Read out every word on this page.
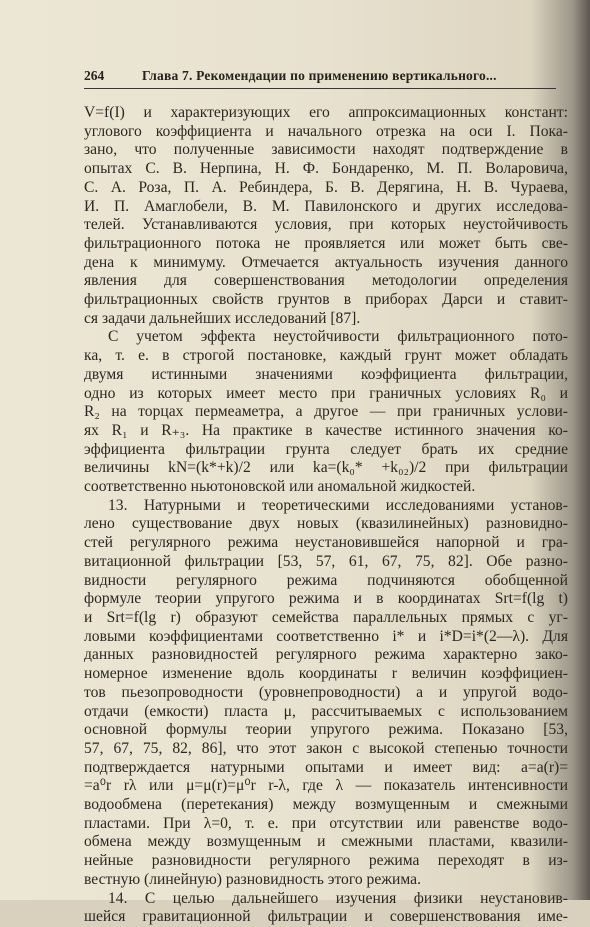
264	Глава 7. Рекомендации по применению вертикального...
V=f(I) и характеризующих его аппроксимационных констант:
углового коэффициента и начального отрезка на оси I. Пока-
зано, что полученные зависимости находят подтверждение в
опытах С. В. Нерпина, Н. Ф. Бондаренко, М. П. Воларовича,
С. А. Роза, П. А. Ребиндера, Б. В. Дерягина, Н. В. Чураева,
И. П. Амаглобели, В. М. Павилонского и других исследова-
телей. Устанавливаются условия, при которых неустойчивость
фильтрационного потока не проявляется или может быть све-
дена к минимуму. Отмечается актуальность изучения данного
явления для совершенствования методологии определения
фильтрационных свойств грунтов в приборах Дарси и ставит-
ся задачи дальнейших исследований [87].
С учетом эффекта неустойчивости фильтрационного пото-
ка, т. е. в строгой постановке, каждый грунт может обладать
двумя истинными значениями коэффициента фильтрации,
одно из которых имеет место при граничных условиях R₀ и
R₂ на торцах пермеаметра, а другое — при граничных услови-
ях R₁ и R₊₃. На практике в качестве истинного значения ко-
эффициента фильтрации грунта следует брать их средние
величины kN=(k*+k)/2 или ka=(k₀* +k₀₂)/2 при фильтрации
соответственно ньютоновской или аномальной жидкостей.
13. Натурными и теоретическими исследованиями установ-
лено существование двух новых (квазилинейных) разновидно-
стей регулярного режима неустановившейся напорной и гра-
витационной фильтрации [53, 57, 61, 67, 75, 82]. Обе разно-
видности регулярного режима подчиняются обобщенной
формуле теории упругого режима и в координатах Srt=f(lg t)
и Srt=f(lg r) образуют семейства параллельных прямых с уг-
ловыми коэффициентами соответственно i* и i*D=i*(2—λ). Для
данных разновидностей регулярного режима характерно зако-
номерное изменение вдоль координаты r величин коэффициен-
тов пьезопроводности (уровнепроводности) a и упругой водо-
отдачи (емкости) пласта μ, рассчитываемых с использованием
основной формулы теории упругого режима. Показано [53,
57, 67, 75, 82, 86], что этот закон с высокой степенью точности
подтверждается натурными опытами и имеет вид: a=a(r)=
=a⁰r rλ или μ=μ(r)=μ⁰r r-λ, где λ — показатель интенсивности
водообмена (перетекания) между возмущенным и смежными
пластами. При λ=0, т. е. при отсутствии или равенстве водо-
обмена между возмущенным и смежными пластами, квазили-
нейные разновидности регулярного режима переходят в из-
вестную (линейную) разновидность этого режима.
14. С целью дальнейшего изучения физики неустановив-
шейся гравитационной фильтрации и совершенствования име-
